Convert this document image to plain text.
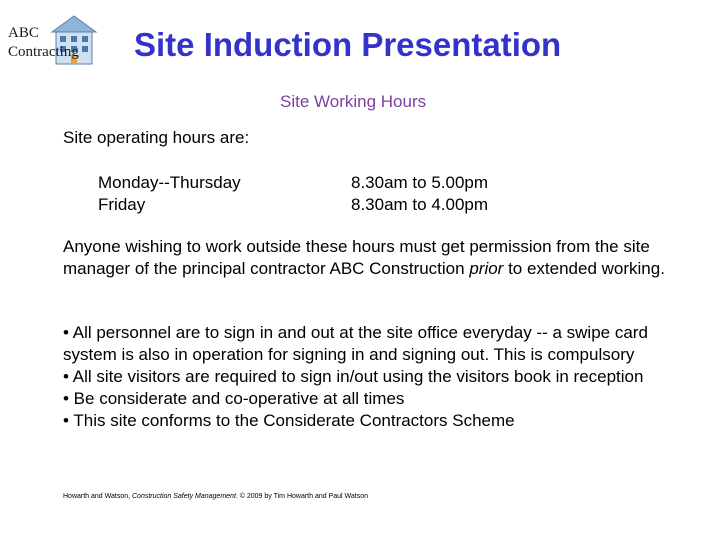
ABC
Contracting Site Induction Presentation
Site Working Hours
Site operating hours are:
Monday--Thursday	8.30am to 5.00pm
Friday	8.30am to 4.00pm
Anyone wishing to work outside these hours must get permission from the site manager of the principal contractor ABC Construction prior to extended working.
• All personnel are to sign in and out at the site office everyday -- a swipe card system is also in operation for signing in and signing out. This is compulsory
• All site visitors are required to sign in/out using the visitors book in reception
• Be considerate and co-operative at all times
• This site conforms to the Considerate Contractors Scheme
Howarth and Watson, Construction Safety Management. © 2009 by Tim Howarth and Paul Watson
